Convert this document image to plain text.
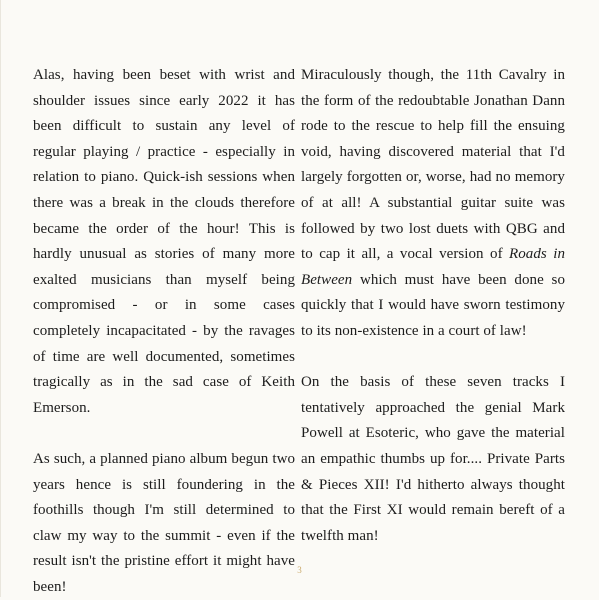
Alas, having been beset with wrist and shoulder issues since early 2022 it has been difficult to sustain any level of regular playing / practice - especially in relation to piano. Quick-ish sessions when there was a break in the clouds therefore became the order of the hour! This is hardly unusual as stories of many more exalted musicians than myself being compromised - or in some cases completely incapacitated - by the ravages of time are well documented, sometimes tragically as in the sad case of Keith Emerson.

As such, a planned piano album begun two years hence is still foundering in the foothills though I'm still determined to claw my way to the summit - even if the result isn't the pristine effort it might have been!

Miraculously though, the 11th Cavalry in the form of the redoubtable Jonathan Dann rode to the rescue to help fill the ensuing void, having discovered material that I'd largely forgotten or, worse, had no memory of at all! A substantial guitar suite was followed by two lost duets with QBG and to cap it all, a vocal version of Roads in Between which must have been done so quickly that I would have sworn testimony to its non-existence in a court of law!

On the basis of these seven tracks I tentatively approached the genial Mark Powell at Esoteric, who gave the material an empathic thumbs up for.... Private Parts & Pieces XII! I'd hitherto always thought that the First XI would remain bereft of a twelfth man!

3
